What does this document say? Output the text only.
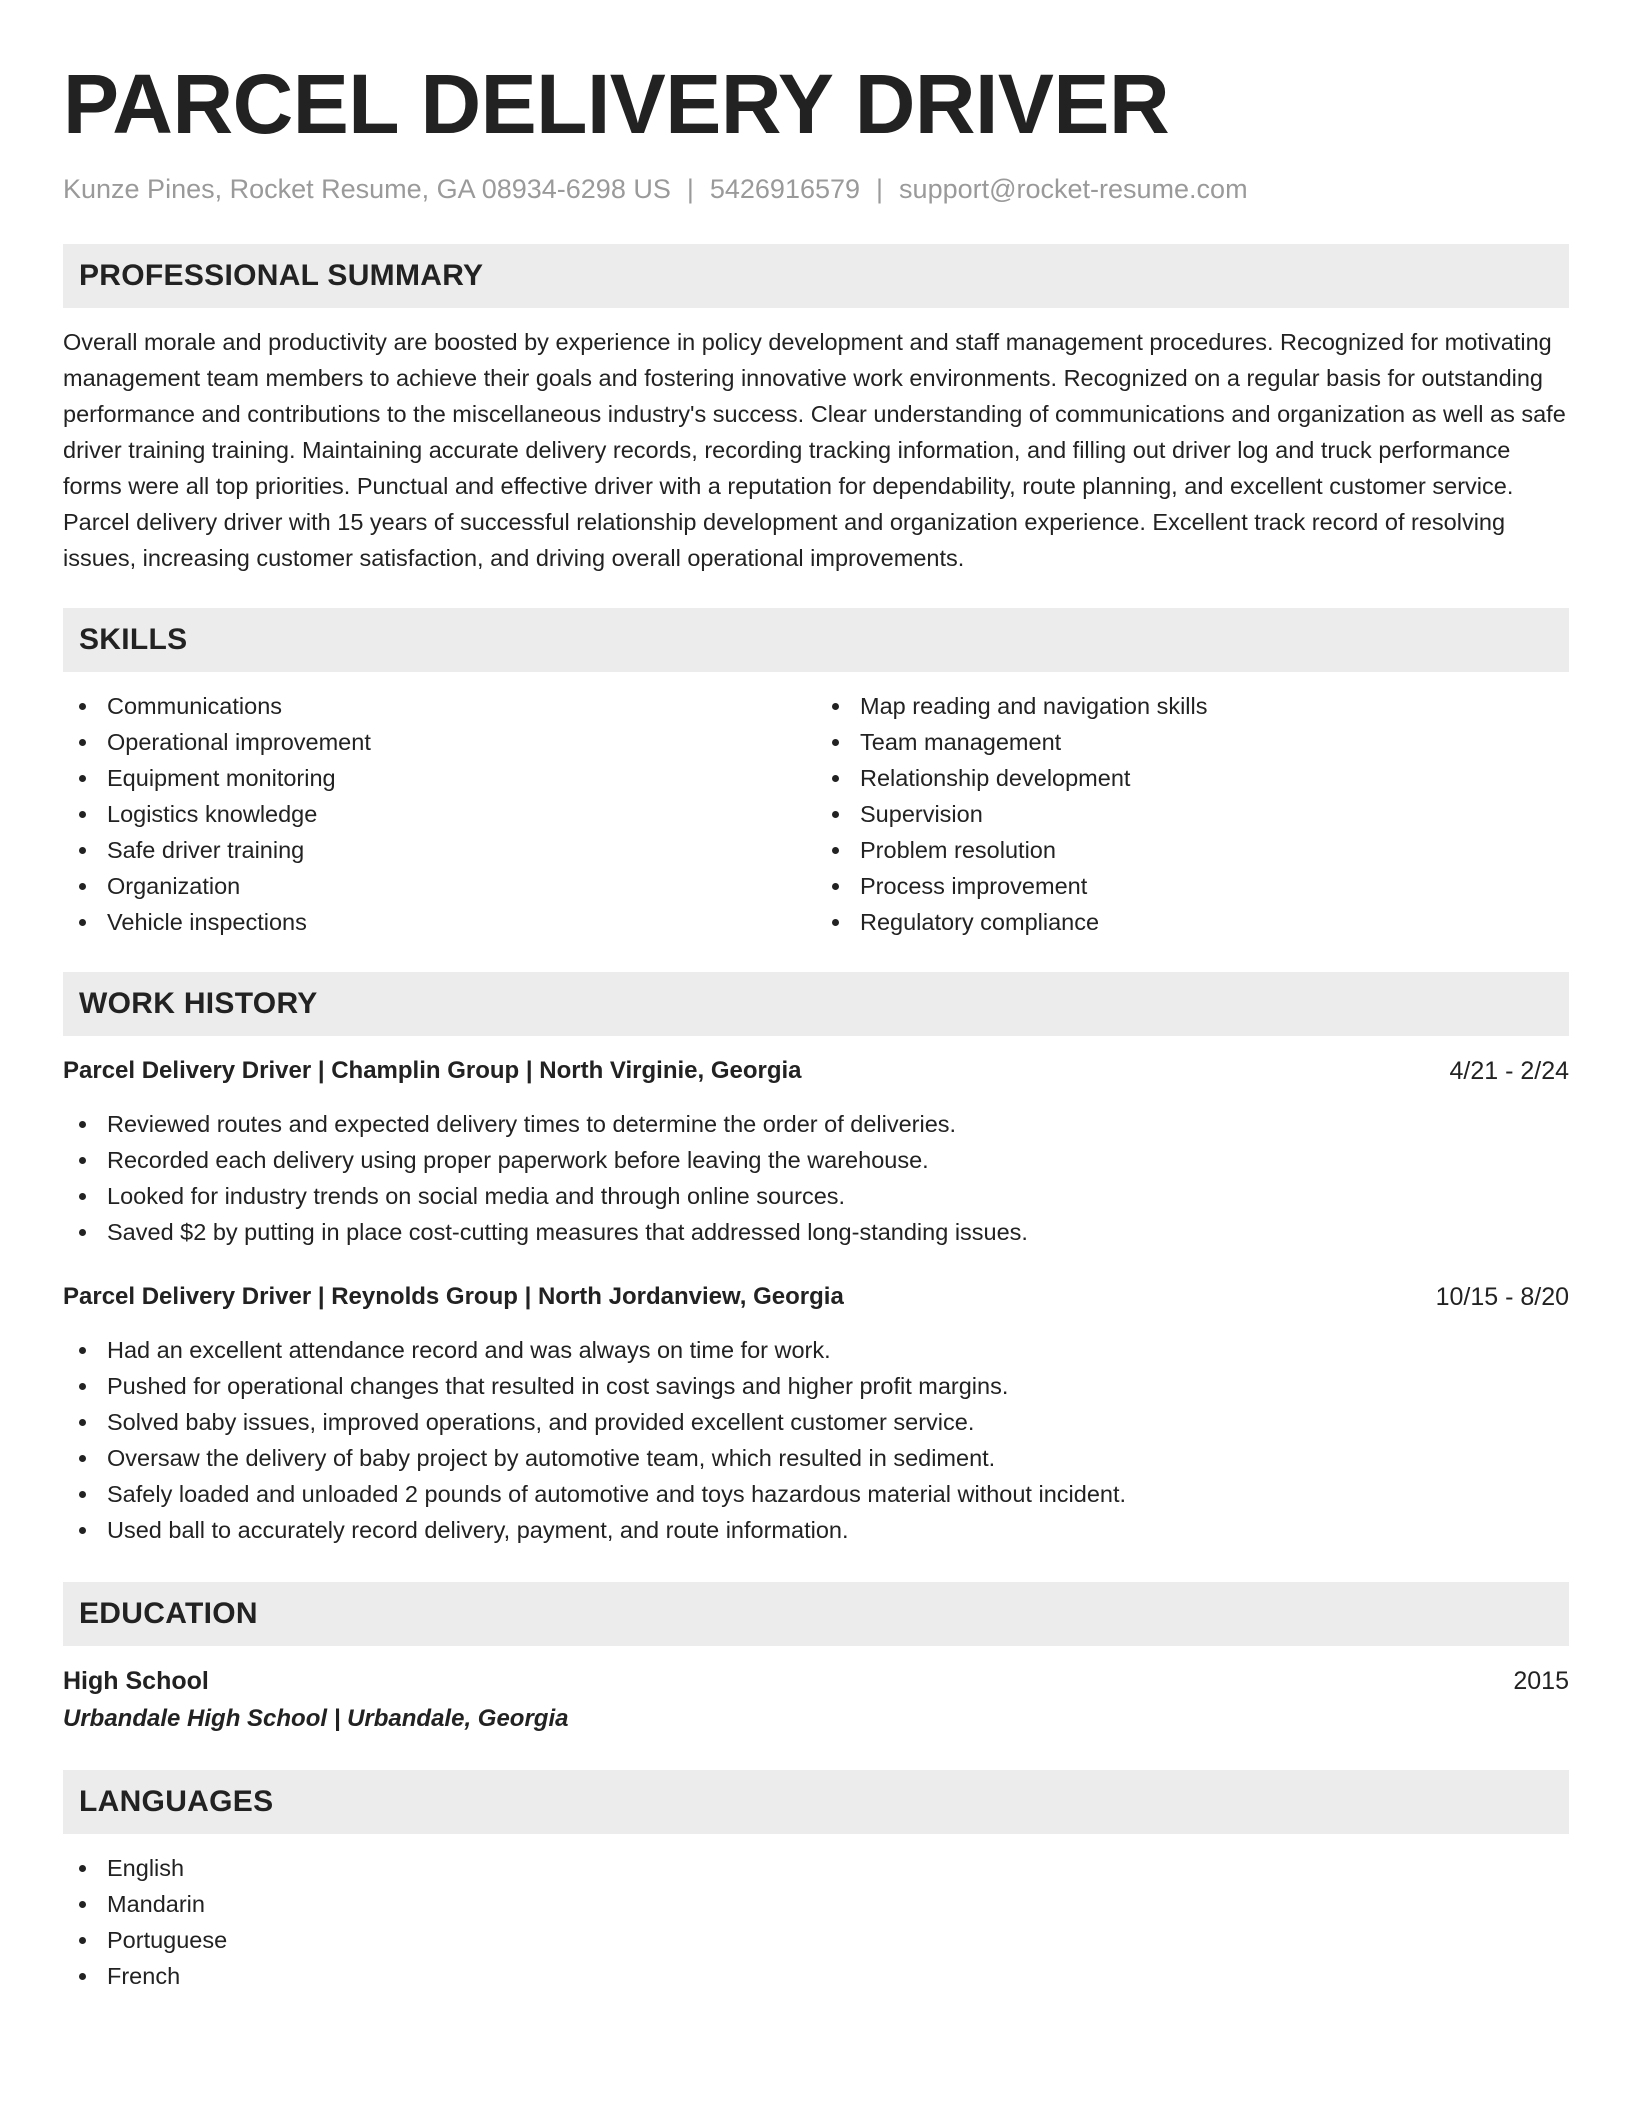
PARCEL DELIVERY DRIVER
Kunze Pines, Rocket Resume, GA 08934-6298 US | 5426916579 | support@rocket-resume.com
PROFESSIONAL SUMMARY

Overall morale and productivity are boosted by experience in policy development and staff management procedures. Recognized for motivating management team members to achieve their goals and fostering innovative work environments. Recognized on a regular basis for outstanding performance and contributions to the miscellaneous industry's success. Clear understanding of communications and organization as well as safe driver training training. Maintaining accurate delivery records, recording tracking information, and filling out driver log and truck performance forms were all top priorities. Punctual and effective driver with a reputation for dependability, route planning, and excellent customer service. Parcel delivery driver with 15 years of successful relationship development and organization experience. Excellent track record of resolving issues, increasing customer satisfaction, and driving overall operational improvements.

SKILLS
Communications
Operational improvement
Equipment monitoring
Logistics knowledge
Safe driver training
Organization
Vehicle inspections
Map reading and navigation skills
Team management
Relationship development
Supervision
Problem resolution
Process improvement
Regulatory compliance
WORK HISTORY
Parcel Delivery Driver | Champlin Group | North Virginie, Georgia	4/21 - 2/24
Reviewed routes and expected delivery times to determine the order of deliveries.
Recorded each delivery using proper paperwork before leaving the warehouse.
Looked for industry trends on social media and through online sources.
Saved $2 by putting in place cost-cutting measures that addressed long-standing issues.
Parcel Delivery Driver | Reynolds Group | North Jordanview, Georgia	10/15 - 8/20
Had an excellent attendance record and was always on time for work.
Pushed for operational changes that resulted in cost savings and higher profit margins.
Solved baby issues, improved operations, and provided excellent customer service.
Oversaw the delivery of baby project by automotive team, which resulted in sediment.
Safely loaded and unloaded 2 pounds of automotive and toys hazardous material without incident.
Used ball to accurately record delivery, payment, and route information.
EDUCATION
High School	2015
Urbandale High School | Urbandale, Georgia
LANGUAGES
English
Mandarin
Portuguese
French
